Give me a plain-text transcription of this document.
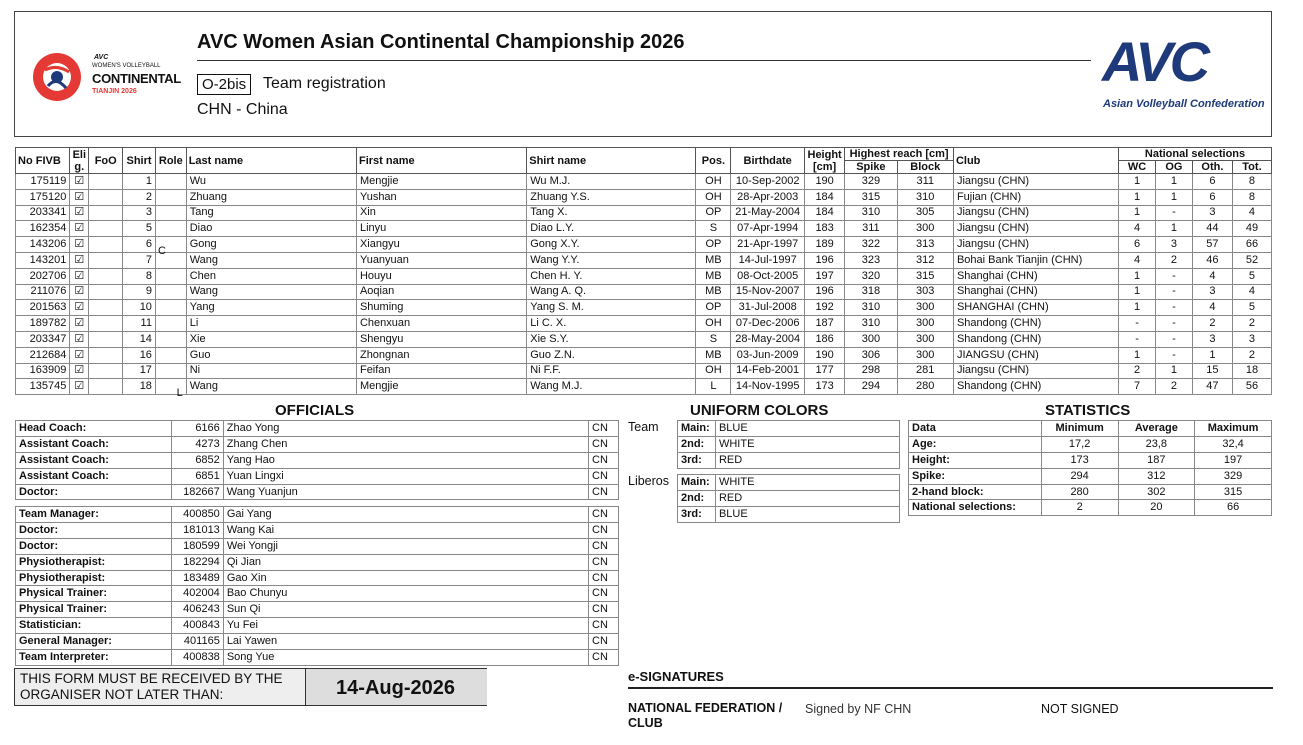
AVC
WOMEN'S VOLLEYBALL
CONTINENTAL
TIANJIN 2026
AVC Women Asian Continental Championship 2026
O-2bis	Team registration
CHN - China
AVC
Asian Volleyball Confederation
No FIVB	Eli g.	FoO	Shirt	Role	Last name	First name	Shirt name	Pos.	Birthdate	Height [cm]	Highest reach [cm]		Club	National selections			
											Spike	Block		WC	OG	Oth.	Tot.
175119	☑		1		Wu	Mengjie	Wu M.J.	OH	10-Sep-2002	190	329	311	Jiangsu (CHN)	1	1	6	8
175120	☑		2		Zhuang	Yushan	Zhuang Y.S.	OH	28-Apr-2003	184	315	310	Fujian (CHN)	1	1	6	8
203341	☑		3		Tang	Xin	Tang X.	OP	21-May-2004	184	310	305	Jiangsu (CHN)	1	-	3	4
162354	☑		5		Diao	Linyu	Diao L.Y.	S	07-Apr-1994	183	311	300	Jiangsu (CHN)	4	1	44	49
143206	☑		6	C	Gong	Xiangyu	Gong X.Y.	OP	21-Apr-1997	189	322	313	Jiangsu (CHN)	6	3	57	66
143201	☑		7		Wang	Yuanyuan	Wang Y.Y.	MB	14-Jul-1997	196	323	312	Bohai Bank Tianjin (CHN)	4	2	46	52
202706	☑		8		Chen	Houyu	Chen H. Y.	MB	08-Oct-2005	197	320	315	Shanghai (CHN)	1	-	4	5
211076	☑		9		Wang	Aoqian	Wang A. Q.	MB	15-Nov-2007	196	318	303	Shanghai (CHN)	1	-	3	4
201563	☑		10		Yang	Shuming	Yang S. M.	OP	31-Jul-2008	192	310	300	SHANGHAI (CHN)	1	-	4	5
189782	☑		11		Li	Chenxuan	Li C. X.	OH	07-Dec-2006	187	310	300	Shandong (CHN)	-	-	2	2
203347	☑		14		Xie	Shengyu	Xie S.Y.	S	28-May-2004	186	300	300	Shandong (CHN)	-	-	3	3
212684	☑		16		Guo	Zhongnan	Guo Z.N.	MB	03-Jun-2009	190	306	300	JIANGSU (CHN)	1	-	1	2
163909	☑		17		Ni	Feifan	Ni F.F.	OH	14-Feb-2001	177	298	281	Jiangsu (CHN)	2	1	15	18
135745	☑		18	L	Wang	Mengjie	Wang M.J.	L	14-Nov-1995	173	294	280	Shandong (CHN)	7	2	47	56
OFFICIALS
Head Coach:	6166	Zhao Yong	CN
Assistant Coach:	4273	Zhang Chen	CN
Assistant Coach:	6852	Yang Hao	CN
Assistant Coach:	6851	Yuan Lingxi	CN
Doctor:	182667	Wang Yuanjun	CN
Team Manager:	400850	Gai Yang	CN
Doctor:	181013	Wang Kai	CN
Doctor:	180599	Wei Yongji	CN
Physiotherapist:	182294	Qi Jian	CN
Physiotherapist:	183489	Gao Xin	CN
Physical Trainer:	402004	Bao Chunyu	CN
Physical Trainer:	406243	Sun Qi	CN
Statistician:	400843	Yu Fei	CN
General Manager:	401165	Lai Yawen	CN
Team Interpreter:	400838	Song Yue	CN
UNIFORM COLORS
Team
Liberos
Main:	BLUE
2nd:	WHITE
3rd:	RED
Main:	WHITE
2nd:	RED
3rd:	BLUE
STATISTICS
Data	Minimum	Average	Maximum
Age:	17,2	23,8	32,4
Height:	173	187	197
Spike:	294	312	329
2-hand block:	280	302	315
National selections:	2	20	66
THIS FORM MUST BE RECEIVED BY THE ORGANISER NOT LATER THAN:	14-Aug-2026
e-SIGNATURES
NATIONAL FEDERATION / CLUB
Signed by NF CHN	NOT SIGNED
